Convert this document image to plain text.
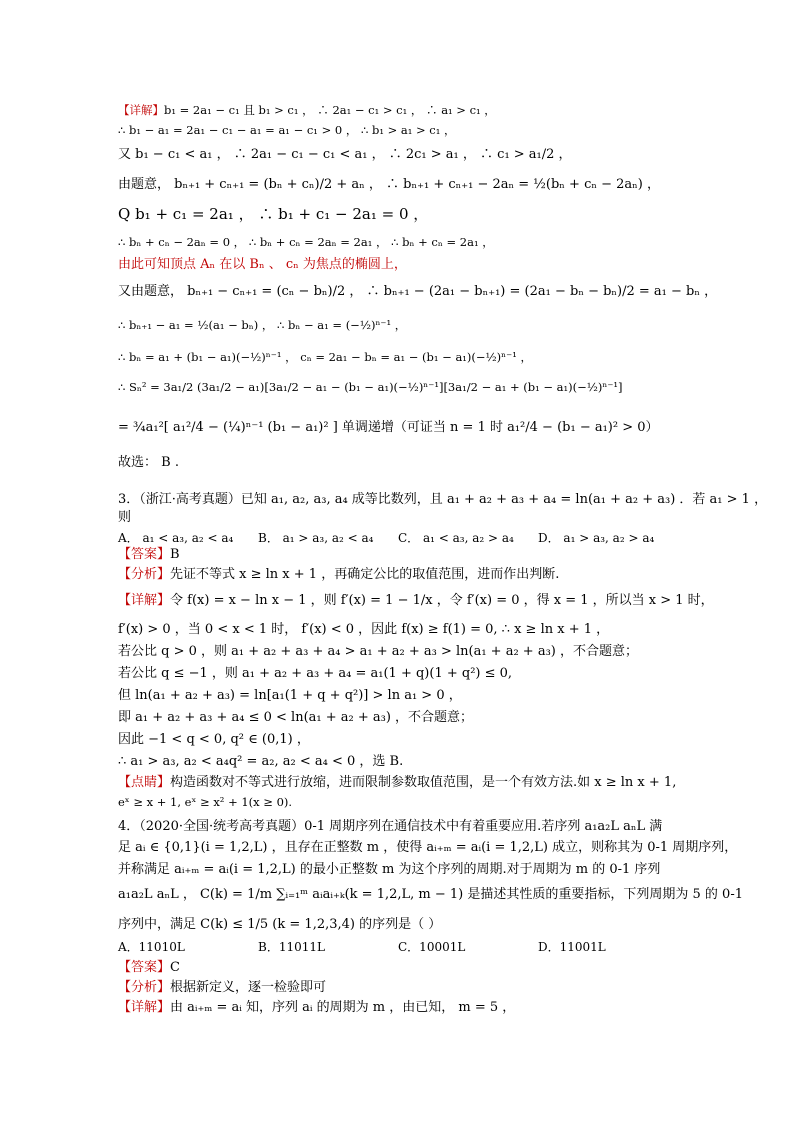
【详解】b₁ = 2a₁ − c₁ 且 b₁ > c₁ ， ∴ 2a₁ − c₁ > c₁ ， ∴ a₁ > c₁ ，
∴ b₁ − a₁ = 2a₁ − c₁ − a₁ = a₁ − c₁ > 0 ， ∴ b₁ > a₁ > c₁ ，
又 b₁ − c₁ < a₁ ， ∴ 2a₁ − c₁ − c₁ < a₁ ， ∴ 2c₁ > a₁ ， ∴ c₁ > a₁/2 ，
由题意， bₙ₊₁ + cₙ₊₁ = (bₙ + cₙ)/2 + aₙ ， ∴ bₙ₊₁ + cₙ₊₁ − 2aₙ = ½(bₙ + cₙ − 2aₙ) ，
Q b₁ + c₁ = 2a₁ ， ∴ b₁ + c₁ − 2a₁ = 0 ，
∴ bₙ + cₙ − 2aₙ = 0 ， ∴ bₙ + cₙ = 2aₙ = 2a₁ ， ∴ bₙ + cₙ = 2a₁ ，
由此可知顶点 Aₙ 在以 Bₙ 、 cₙ 为焦点的椭圆上，
又由题意， bₙ₊₁ − cₙ₊₁ = (cₙ − bₙ)/2 ， ∴ bₙ₊₁ − (2a₁ − bₙ₊₁) = (2a₁ − bₙ − bₙ)/2 = a₁ − bₙ ，
∴ bₙ₊₁ − a₁ = ½(a₁ − bₙ) ， ∴ bₙ − a₁ = (−½)ⁿ⁻¹ ，
∴ bₙ = a₁ + (b₁ − a₁)(−½)ⁿ⁻¹ ， cₙ = 2a₁ − bₙ = a₁ − (b₁ − a₁)(−½)ⁿ⁻¹ ，
∴ Sₙ² = 3a₁/2 (3a₁/2 − a₁)[3a₁/2 − a₁ − (b₁ − a₁)(−½)ⁿ⁻¹][3a₁/2 − a₁ + (b₁ − a₁)(−½)ⁿ⁻¹]
= ¾a₁²[ a₁²/4 − (¼)ⁿ⁻¹ (b₁ − a₁)² ] 单调递增（可证当 n = 1 时 a₁²/4 − (b₁ − a₁)² > 0）
故选： B .
3．（浙江·高考真题）已知 a₁, a₂, a₃, a₄ 成等比数列，且 a₁ + a₂ + a₃ + a₄ = ln(a₁ + a₂ + a₃) ．若 a₁ > 1 ，
则
【答案】B
【分析】先证不等式 x ≥ ln x + 1 ，再确定公比的取值范围，进而作出判断.
【详解】令 f(x) = x − ln x − 1 ，则 f′(x) = 1 − 1/x ，令 f′(x) = 0 ，得 x = 1 ，所以当 x > 1 时，
f′(x) > 0 ，当 0 < x < 1 时， f′(x) < 0 ，因此 f(x) ≥ f(1) = 0, ∴ x ≥ ln x + 1 ，
若公比 q > 0 ，则 a₁ + a₂ + a₃ + a₄ > a₁ + a₂ + a₃ > ln(a₁ + a₂ + a₃) ，不合题意；
若公比 q ≤ −1 ，则 a₁ + a₂ + a₃ + a₄ = a₁(1 + q)(1 + q²) ≤ 0,
但 ln(a₁ + a₂ + a₃) = ln[a₁(1 + q + q²)] > ln a₁ > 0 ，
即 a₁ + a₂ + a₃ + a₄ ≤ 0 < ln(a₁ + a₂ + a₃) ，不合题意；
因此 −1 < q < 0, q² ∈ (0,1) ，
∴ a₁ > a₃, a₂ < a₄q² = a₂, a₂ < a₄ < 0 ，选 B.
【点睛】构造函数对不等式进行放缩，进而限制参数取值范围，是一个有效方法.如 x ≥ ln x + 1,
eˣ ≥ x + 1, eˣ ≥ x² + 1(x ≥ 0).
4．（2020·全国·统考高考真题）0-1 周期序列在通信技术中有着重要应用.若序列 a₁a₂L aₙL 满
足 aᵢ ∈ {0,1}(i = 1,2,L) ，且存在正整数 m ，使得 aᵢ₊ₘ = aᵢ(i = 1,2,L) 成立，则称其为 0-1 周期序列，
并称满足 aᵢ₊ₘ = aᵢ(i = 1,2,L) 的最小正整数 m 为这个序列的周期.对于周期为 m 的 0-1 序列
a₁a₂L aₙL ， C(k) = 1/m ∑ᵢ₌₁ᵐ aᵢaᵢ₊ₖ(k = 1,2,L, m − 1) 是描述其性质的重要指标，下列周期为 5 的 0-1
序列中，满足 C(k) ≤ 1/5 (k = 1,2,3,4) 的序列是（ ）
【答案】C
【分析】根据新定义，逐一检验即可
【详解】由 aᵢ₊ₘ = aᵢ 知，序列 aᵢ 的周期为 m ，由已知， m = 5 ，
A． a₁ < a₃, a₂ < a₄ B． a₁ > a₃, a₂ < a₄ C． a₁ < a₃, a₂ > a₄ D． a₁ > a₃, a₂ > a₄
A．11010L	B．11011L	C．10001L	D．11001L
